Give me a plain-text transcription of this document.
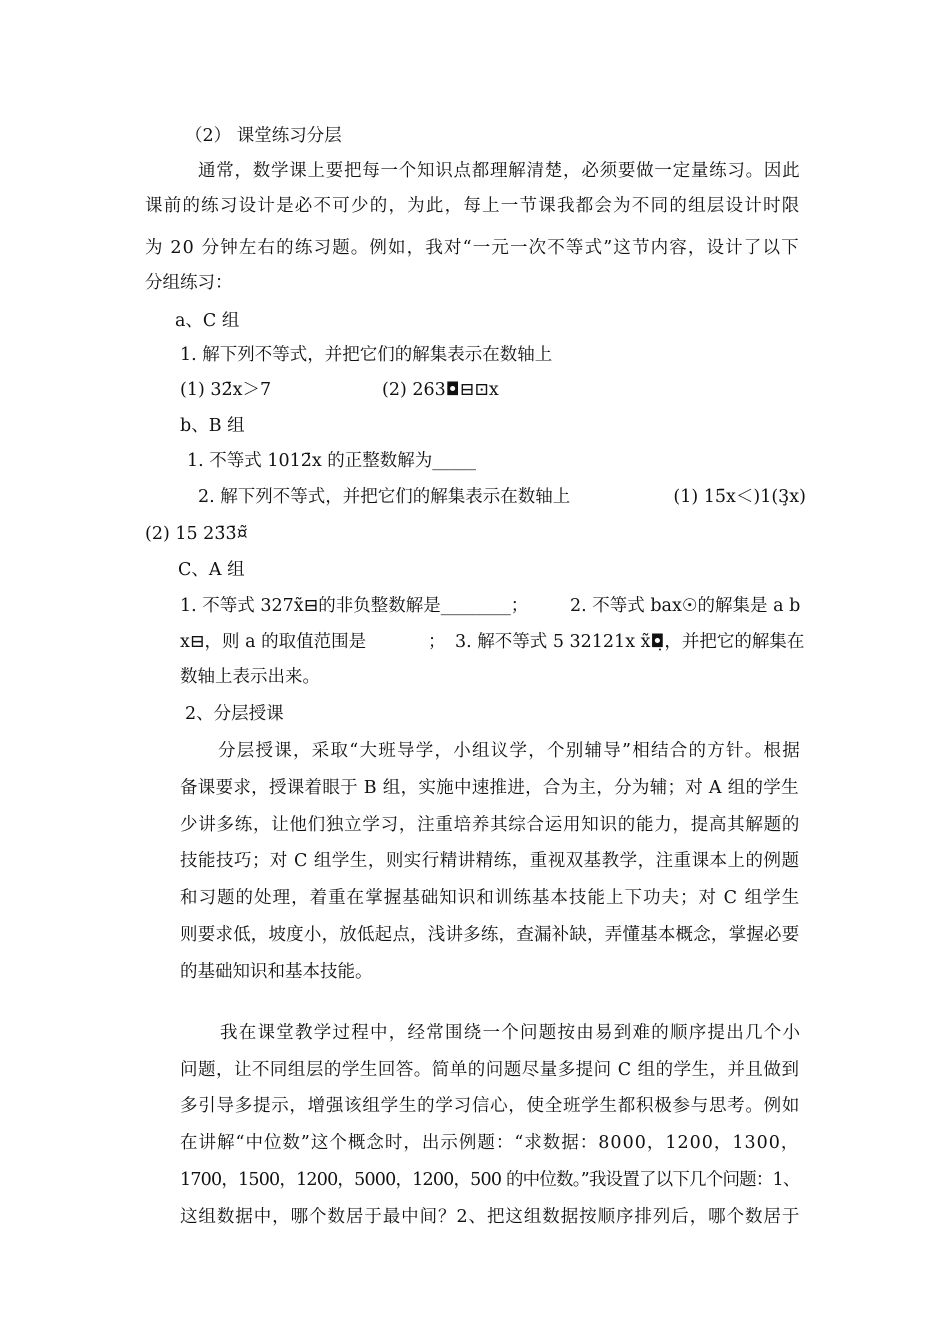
（2） 课堂练习分层
通常，数学课上要把每一个知识点都理解清楚，必须要做一定量练习。因此
课前的练习设计是必不可少的，为此，每上一节课我都会为不同的组层设计时限
为 20 分钟左右的练习题。例如，我对“一元一次不等式”这节内容，设计了以下
分组练习：
a、C 组
1. 解下列不等式，并把它们的解集表示在数轴上
(1) 32̄x＞7	(2) 263◘⊟⊡x
b、B 组
1. 不等式 1012̄x 的正整数解为_____
2. 解下列不等式，并把它们的解集表示在数轴上	(1) 15̄x＜)1(3̧x)
(2) 15 23̄3̄¤̃
C、A 组
1. 不等式 327x̃⊟的非负整数解是________； 2. 不等式 bax☉的解集是 a b
x⊟，则 a 的取值范围是	； 3. 解不等式 5 32121x x̃◘̣，并把它的解集在
数轴上表示出来。
2、分层授课
分层授课，采取“大班导学，小组议学，个别辅导”相结合的方针。根据
备课要求，授课着眼于 B 组，实施中速推进，合为主，分为辅；对 A 组的学生
少讲多练，让他们独立学习，注重培养其综合运用知识的能力，提高其解题的
技能技巧；对 C 组学生，则实行精讲精练，重视双基教学，注重课本上的例题
和习题的处理，着重在掌握基础知识和训练基本技能上下功夫；对 C 组学生
则要求低，坡度小，放低起点，浅讲多练，查漏补缺，弄懂基本概念，掌握必要
的基础知识和基本技能。
我在课堂教学过程中，经常围绕一个问题按由易到难的顺序提出几个小
问题，让不同组层的学生回答。简单的问题尽量多提问 C 组的学生，并且做到
多引导多提示，增强该组学生的学习信心，使全班学生都积极参与思考。例如
在讲解“中位数”这个概念时，出示例题：“求数据：8000，1200，1300，
1700，1500，1200，5000，1200，500 的中位数。”我设置了以下几个问题：1、
这组数据中，哪个数居于最中间？2、把这组数据按顺序排列后，哪个数居于
